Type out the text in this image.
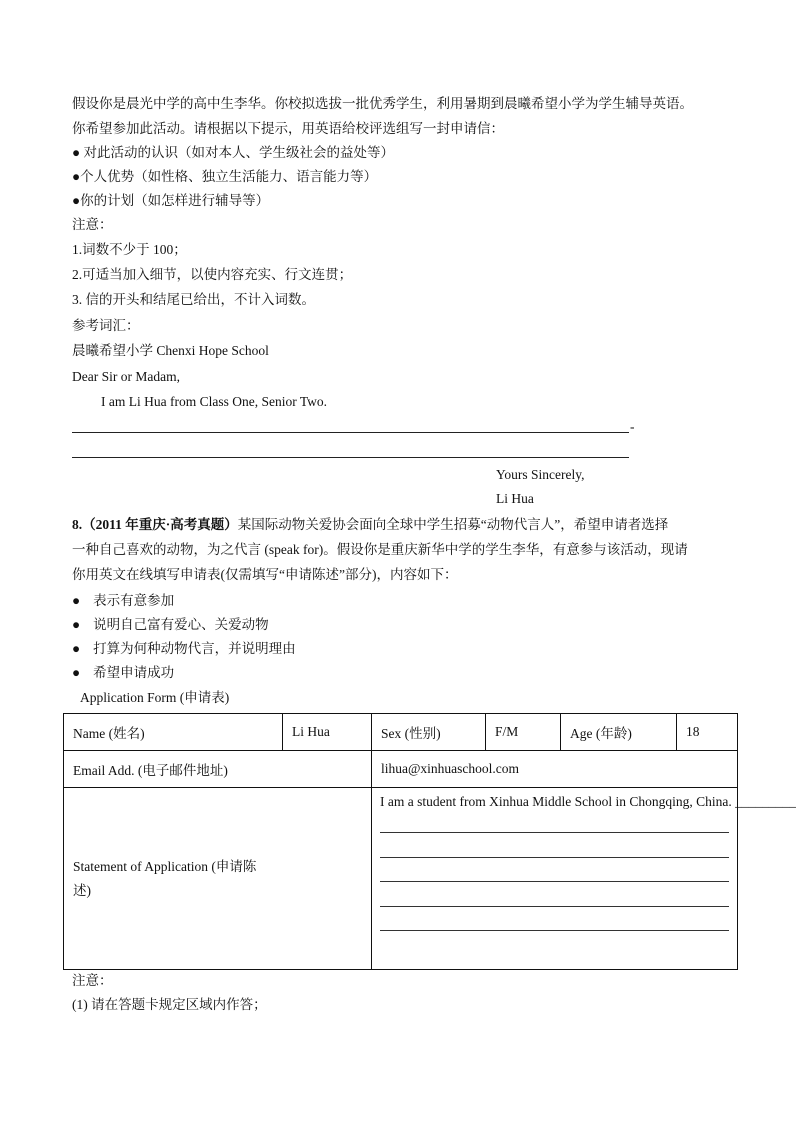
假设你是晨光中学的高中生李华。你校拟选拔一批优秀学生，利用暑期到晨曦希望小学为学生辅导英语。
你希望参加此活动。请根据以下提示，用英语给校评选组写一封申请信：
● 对此活动的认识（如对本人、学生级社会的益处等）
●个人优势（如性格、独立生活能力、语言能力等）
●你的计划（如怎样进行辅导等）
注意：
1.词数不少于 100；
2.可适当加入细节，以使内容充实、行文连贯；
3. 信的开头和结尾已给出，不计入词数。
参考词汇：
晨曦希望小学 Chenxi Hope School
Dear Sir or Madam,
I am Li Hua from Class One, Senior Two.
-
Yours Sincerely,
Li Hua
8.（2011 年重庆·高考真题）某国际动物关爱协会面向全球中学生招募“动物代言人”，希望申请者选择
一种自己喜欢的动物，为之代言 (speak for)。假设你是重庆新华中学的学生李华，有意参与该活动，现请
你用英文在线填写申请表(仅需填写“申请陈述”部分)，内容如下：
● 表示有意参加
● 说明自己富有爱心、关爱动物
● 打算为何种动物代言，并说明理由
● 希望申请成功
Application Form (申请表)
Name (姓名)	Li Hua	Sex (性别)	F/M	Age (年龄)	18
Email Add. (电子邮件地址)		lihua@xinhuaschool.com			

Statement of Application (申请陈
述)		I am a student from Xinhua Middle School in Chongqing, China. _________			
注意：
(1) 请在答题卡规定区域内作答；
